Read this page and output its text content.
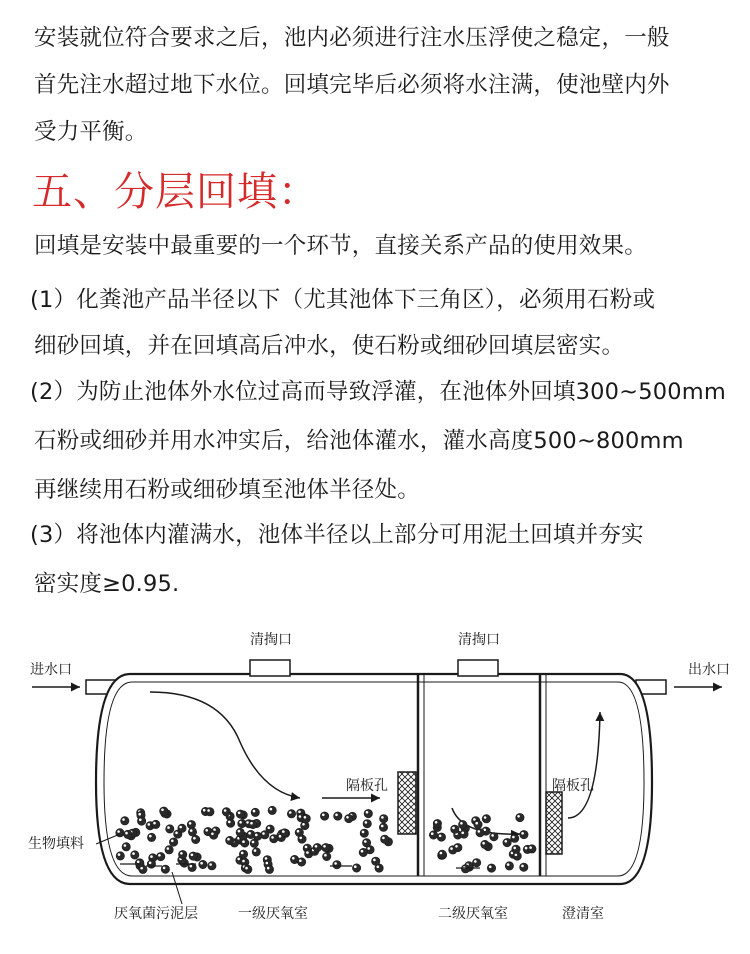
安装就位符合要求之后，池内必须进行注水压浮使之稳定，一般
首先注水超过地下水位。回填完毕后必须将水注满，使池壁内外
受力平衡。
五、分层回填：
回填是安装中最重要的一个环节，直接关系产品的使用效果。
(1）化粪池产品半径以下（尤其池体下三角区），必须用石粉或
细砂回填，并在回填高后冲水，使石粉或细砂回填层密实。
(2）为防止池体外水位过高而导致浮灌，在池体外回填300~500mm
石粉或细砂并用水冲实后，给池体灌水，灌水高度500~800mm
再继续用石粉或细砂填至池体半径处。
(3）将池体内灌满水，池体半径以上部分可用泥土回填并夯实
密实度≥0.95.
进水口	出水口
清掏口	清掏口
隔板孔	隔板孔
生物填料
厌氧菌污泥层	一级厌氧室	二级厌氧室	澄清室
